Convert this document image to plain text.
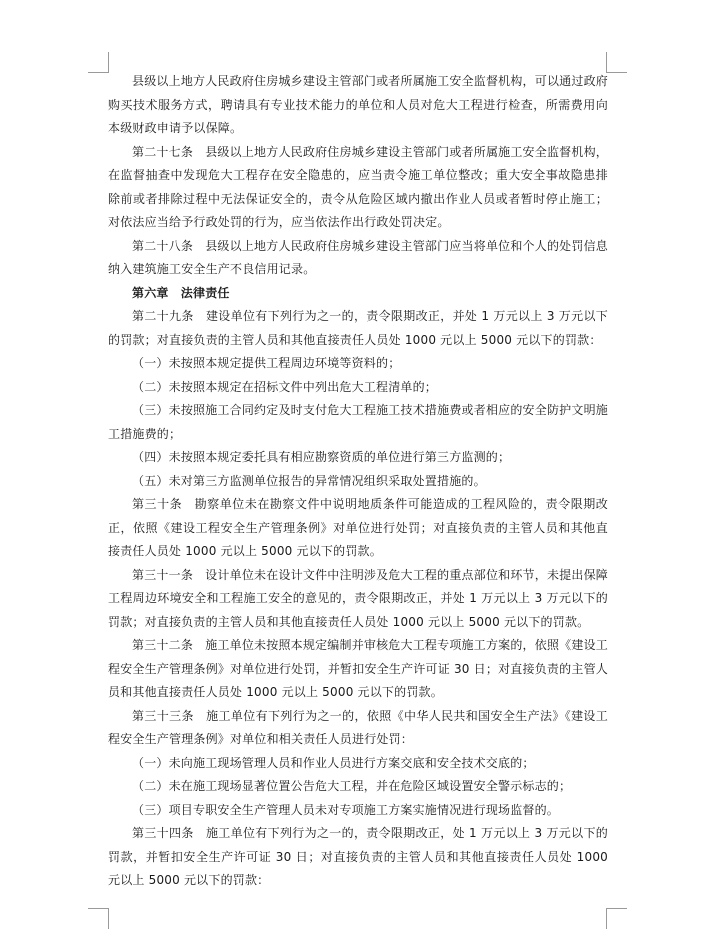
县级以上地方人民政府住房城乡建设主管部门或者所属施工安全监督机构，可以通过政府购买技术服务方式，聘请具有专业技术能力的单位和人员对危大工程进行检查，所需费用向本级财政申请予以保障。

第二十七条　县级以上地方人民政府住房城乡建设主管部门或者所属施工安全监督机构，在监督抽查中发现危大工程存在安全隐患的，应当责令施工单位整改；重大安全事故隐患排除前或者排除过程中无法保证安全的，责令从危险区域内撤出作业人员或者暂时停止施工；对依法应当给予行政处罚的行为，应当依法作出行政处罚决定。

第二十八条　县级以上地方人民政府住房城乡建设主管部门应当将单位和个人的处罚信息纳入建筑施工安全生产不良信用记录。

第六章　法律责任

第二十九条　建设单位有下列行为之一的，责令限期改正，并处 1 万元以上 3 万元以下的罚款；对直接负责的主管人员和其他直接责任人员处 1000 元以上 5000 元以下的罚款：

（一）未按照本规定提供工程周边环境等资料的；

（二）未按照本规定在招标文件中列出危大工程清单的；

（三）未按照施工合同约定及时支付危大工程施工技术措施费或者相应的安全防护文明施工措施费的；

（四）未按照本规定委托具有相应勘察资质的单位进行第三方监测的；

（五）未对第三方监测单位报告的异常情况组织采取处置措施的。

第三十条　勘察单位未在勘察文件中说明地质条件可能造成的工程风险的，责令限期改正，依照《建设工程安全生产管理条例》对单位进行处罚；对直接负责的主管人员和其他直接责任人员处 1000 元以上 5000 元以下的罚款。

第三十一条　设计单位未在设计文件中注明涉及危大工程的重点部位和环节，未提出保障工程周边环境安全和工程施工安全的意见的，责令限期改正，并处 1 万元以上 3 万元以下的罚款；对直接负责的主管人员和其他直接责任人员处 1000 元以上 5000 元以下的罚款。

第三十二条　施工单位未按照本规定编制并审核危大工程专项施工方案的，依照《建设工程安全生产管理条例》对单位进行处罚，并暂扣安全生产许可证 30 日；对直接负责的主管人员和其他直接责任人员处 1000 元以上 5000 元以下的罚款。

第三十三条　施工单位有下列行为之一的，依照《中华人民共和国安全生产法》《建设工程安全生产管理条例》对单位和相关责任人员进行处罚：

（一）未向施工现场管理人员和作业人员进行方案交底和安全技术交底的；

（二）未在施工现场显著位置公告危大工程，并在危险区域设置安全警示标志的；

（三）项目专职安全生产管理人员未对专项施工方案实施情况进行现场监督的。

第三十四条　施工单位有下列行为之一的，责令限期改正，处 1 万元以上 3 万元以下的罚款，并暂扣安全生产许可证 30 日；对直接负责的主管人员和其他直接责任人员处 1000 元以上 5000 元以下的罚款：
